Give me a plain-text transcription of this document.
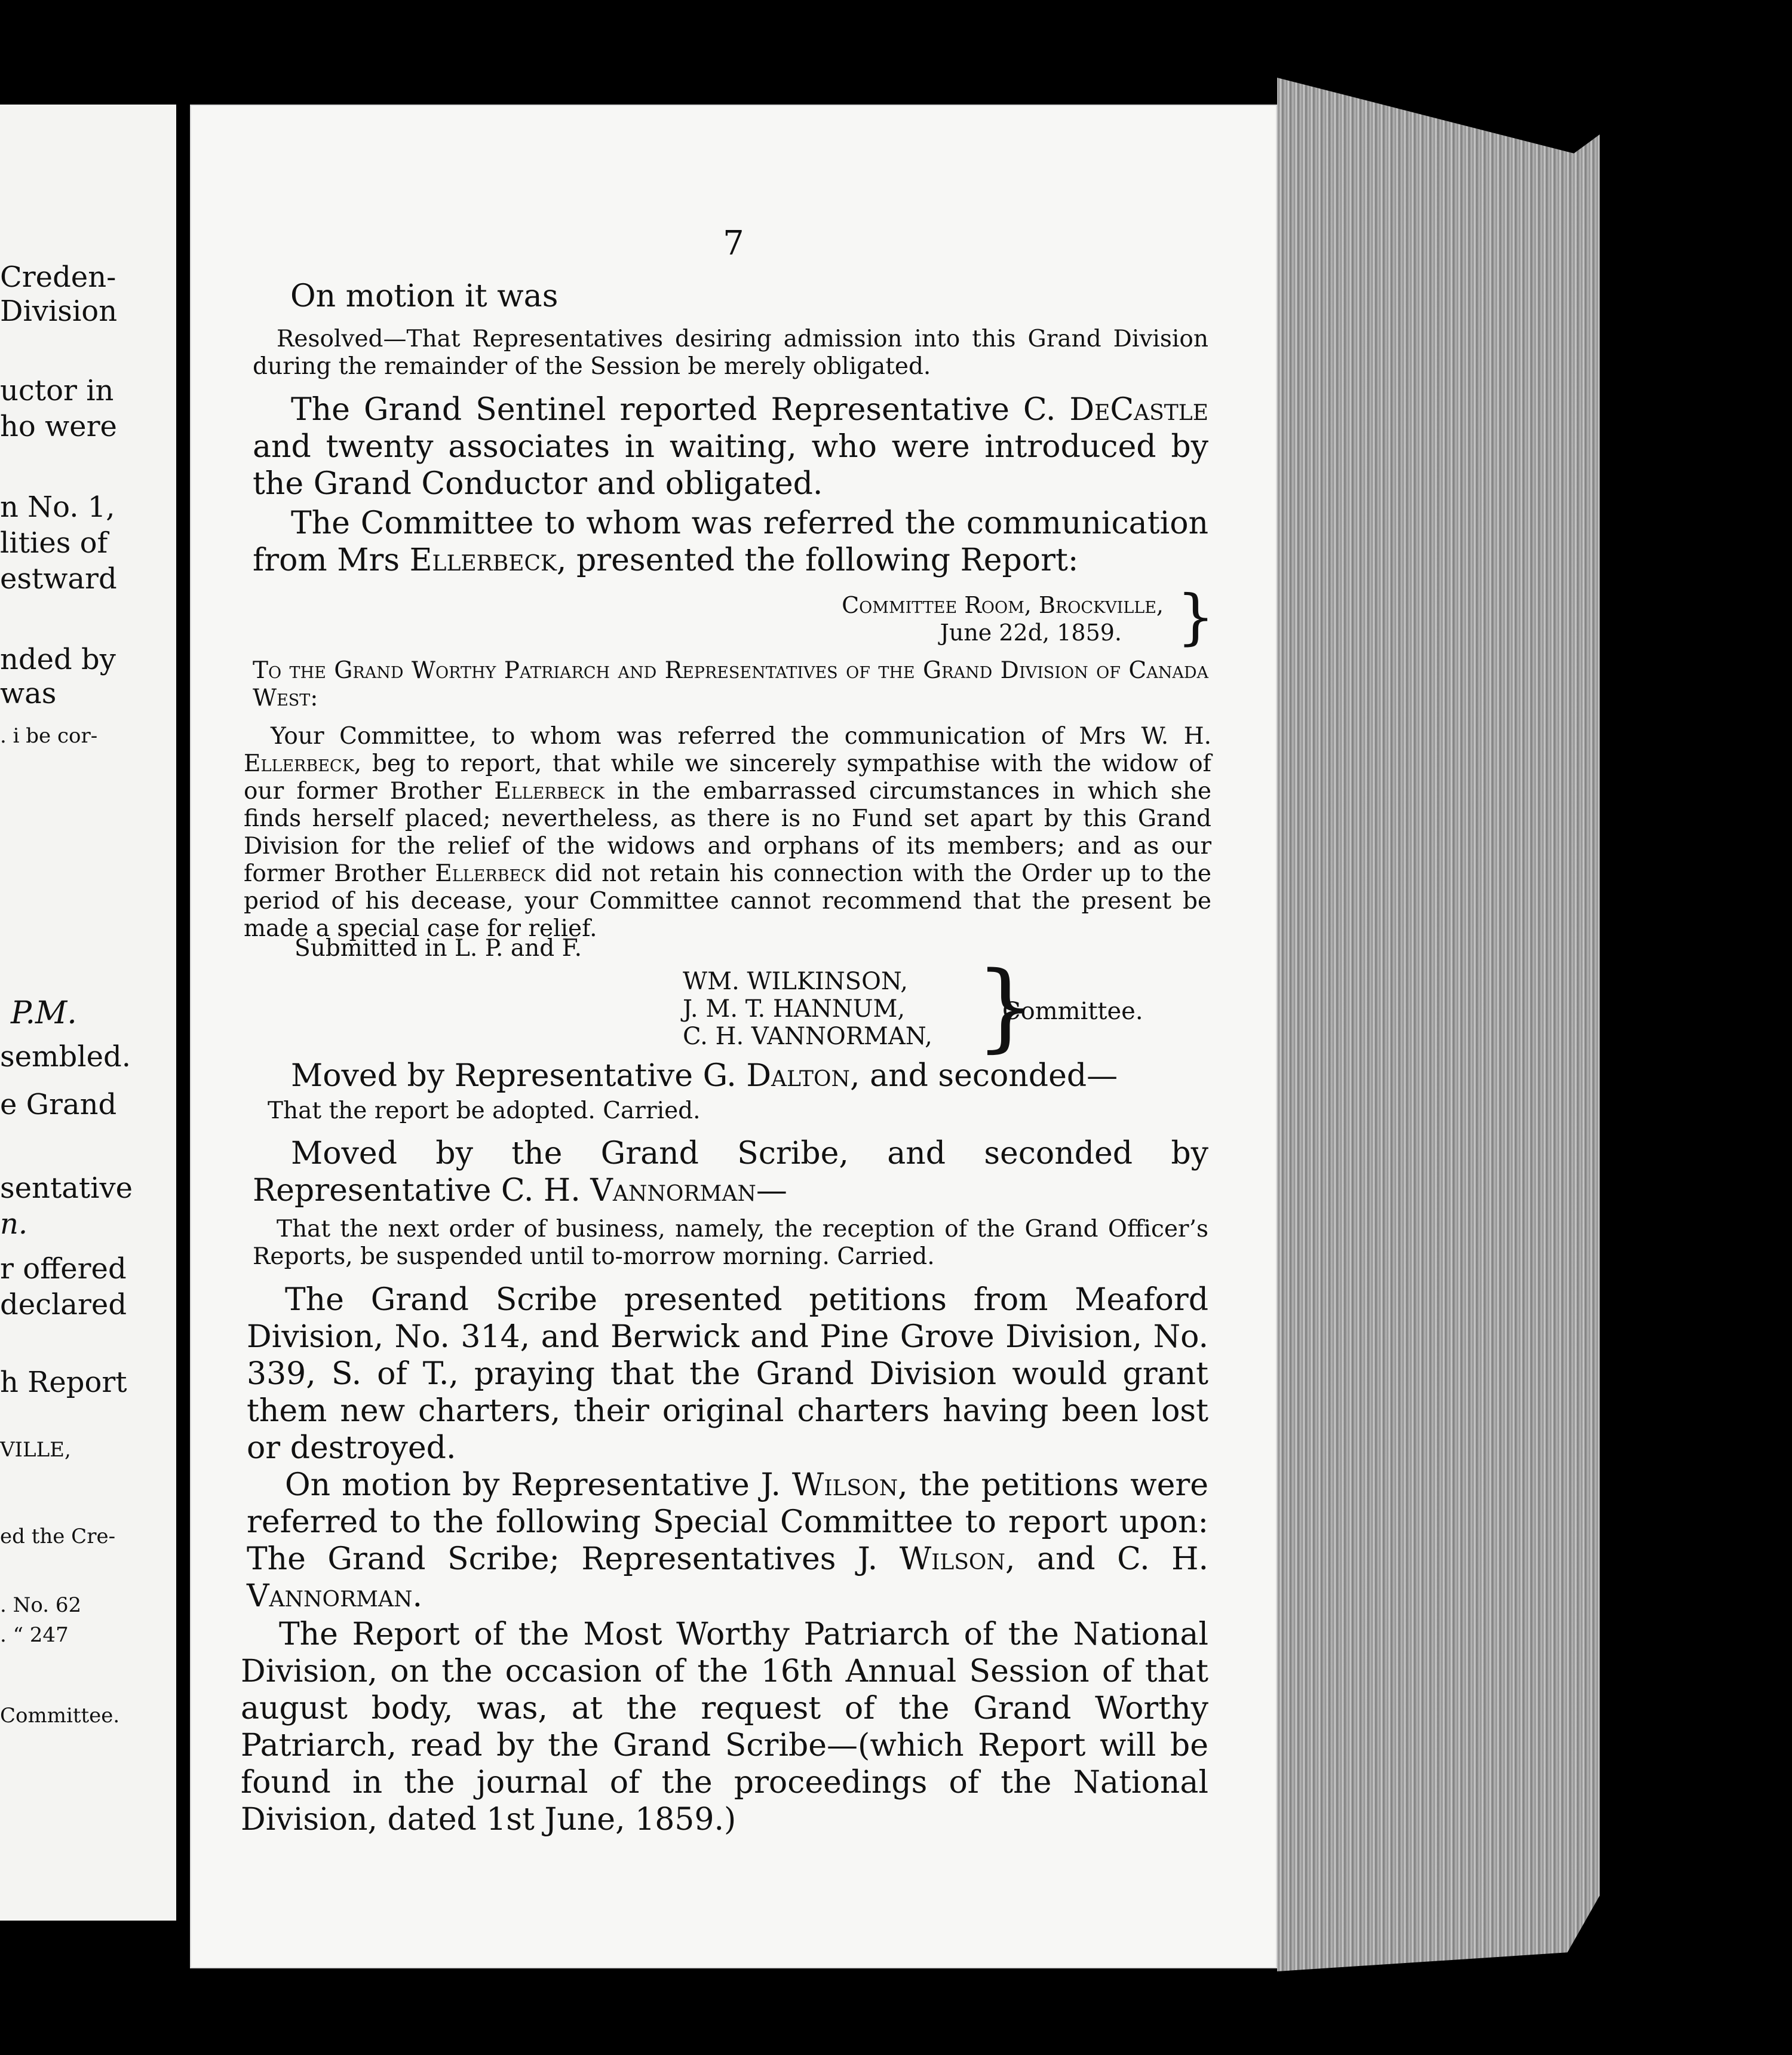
Creden-
Division
uctor in
ho were
n No. 1,
lities of
estward
nded by
was
. i be cor-
P.M.
sembled.
e Grand
sentative
n.
r offered
declared
h Report
VILLE,
ed the Cre-
. No. 62
. “ 247
Committee.
7
On motion it was
Resolved—That Representatives desiring admission into this Grand Division during the remainder of the Session be merely obligated.
The Grand Sentinel reported Representative C. DeCastle and twenty associates in waiting, who were introduced by the Grand Conductor and obligated.
The Committee to whom was referred the communication from Mrs Ellerbeck, presented the following Report:
Committee Room, Brockville,
June 22d, 1859. }
To the Grand Worthy Patriarch and Representatives of the Grand Division of Canada West:
Your Committee, to whom was referred the communication of Mrs W. H. Ellerbeck, beg to report, that while we sincerely sympathise with the widow of our former Brother Ellerbeck in the embarrassed circumstances in which she finds herself placed; nevertheless, as there is no Fund set apart by this Grand Division for the relief of the widows and orphans of its members; and as our former Brother Ellerbeck did not retain his connection with the Order up to the period of his decease, your Committee cannot recommend that the present be made a special case for relief.
Submitted in L. P. and F.
WM. WILKINSON,
J. M. T. HANNUM,
C. H. VANNORMAN, }
Committee.
Moved by Representative G. Dalton, and seconded—
That the report be adopted. Carried.
Moved by the Grand Scribe, and seconded by Representative C. H. Vannorman—
That the next order of business, namely, the reception of the Grand Officer’s Reports, be suspended until to-morrow morning. Carried.
The Grand Scribe presented petitions from Meaford Division, No. 314, and Berwick and Pine Grove Division, No. 339, S. of T., praying that the Grand Division would grant them new charters, their original charters having been lost or destroyed.
On motion by Representative J. Wilson, the petitions were referred to the following Special Committee to report upon: The Grand Scribe; Representatives J. Wilson, and C. H. Vannorman.
The Report of the Most Worthy Patriarch of the National Division, on the occasion of the 16th Annual Session of that august body, was, at the request of the Grand Worthy Patriarch, read by the Grand Scribe—(which Report will be found in the journal of the proceedings of the National Division, dated 1st June, 1859.)
